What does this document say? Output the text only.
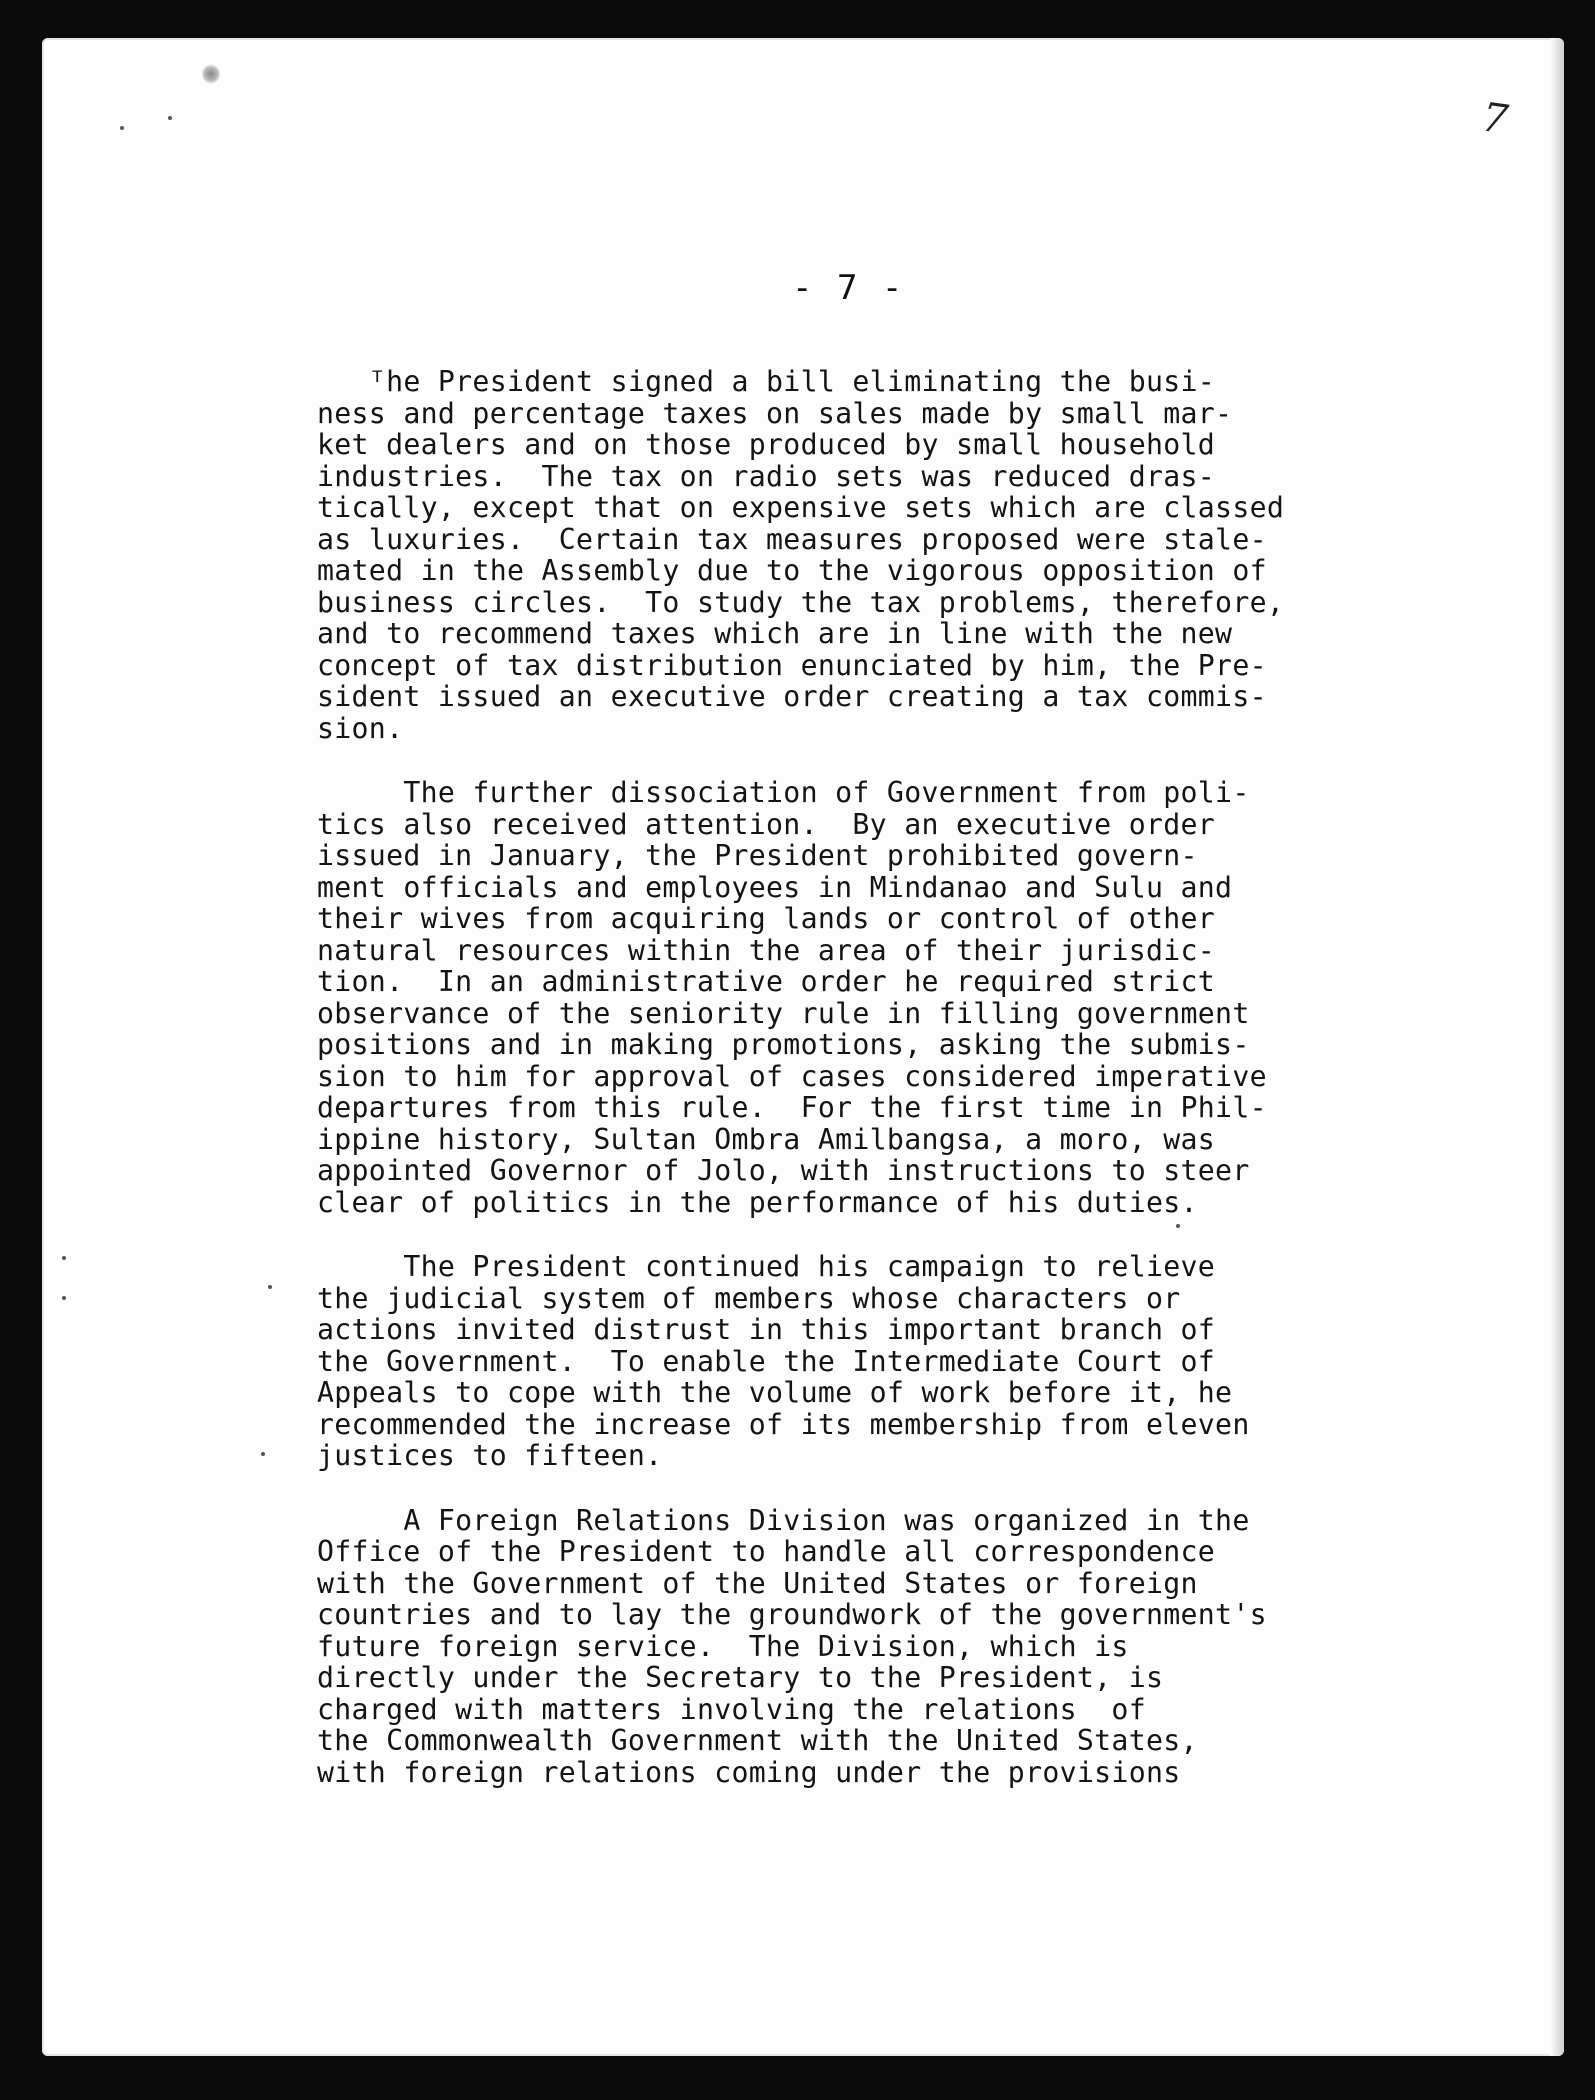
7
- 7 -
ᵀhe President signed a bill eliminating the busi-
ness and percentage taxes on sales made by small mar-
ket dealers and on those produced by small household
industries.  The tax on radio sets was reduced dras-
tically, except that on expensive sets which are classed
as luxuries.  Certain tax measures proposed were stale-
mated in the Assembly due to the vigorous opposition of
business circles.  To study the tax problems, therefore,
and to recommend taxes which are in line with the new
concept of tax distribution enunciated by him, the Pre-
sident issued an executive order creating a tax commis-
sion.
The further dissociation of Government from poli-
tics also received attention.  By an executive order
issued in January, the President prohibited govern-
ment officials and employees in Mindanao and Sulu and
their wives from acquiring lands or control of other
natural resources within the area of their jurisdic-
tion.  In an administrative order he required strict
observance of the seniority rule in filling government
positions and in making promotions, asking the submis-
sion to him for approval of cases considered imperative
departures from this rule.  For the first time in Phil-
ippine history, Sultan Ombra Amilbangsa, a moro, was
appointed Governor of Jolo, with instructions to steer
clear of politics in the performance of his duties.
The President continued his campaign to relieve
the judicial system of members whose characters or
actions invited distrust in this important branch of
the Government.  To enable the Intermediate Court of
Appeals to cope with the volume of work before it, he
recommended the increase of its membership from eleven
justices to fifteen.
A Foreign Relations Division was organized in the
Office of the President to handle all correspondence
with the Government of the United States or foreign
countries and to lay the groundwork of the government's
future foreign service.  The Division, which is
directly under the Secretary to the President, is
charged with matters involving the relations  of
the Commonwealth Government with the United States,
with foreign relations coming under the provisions
